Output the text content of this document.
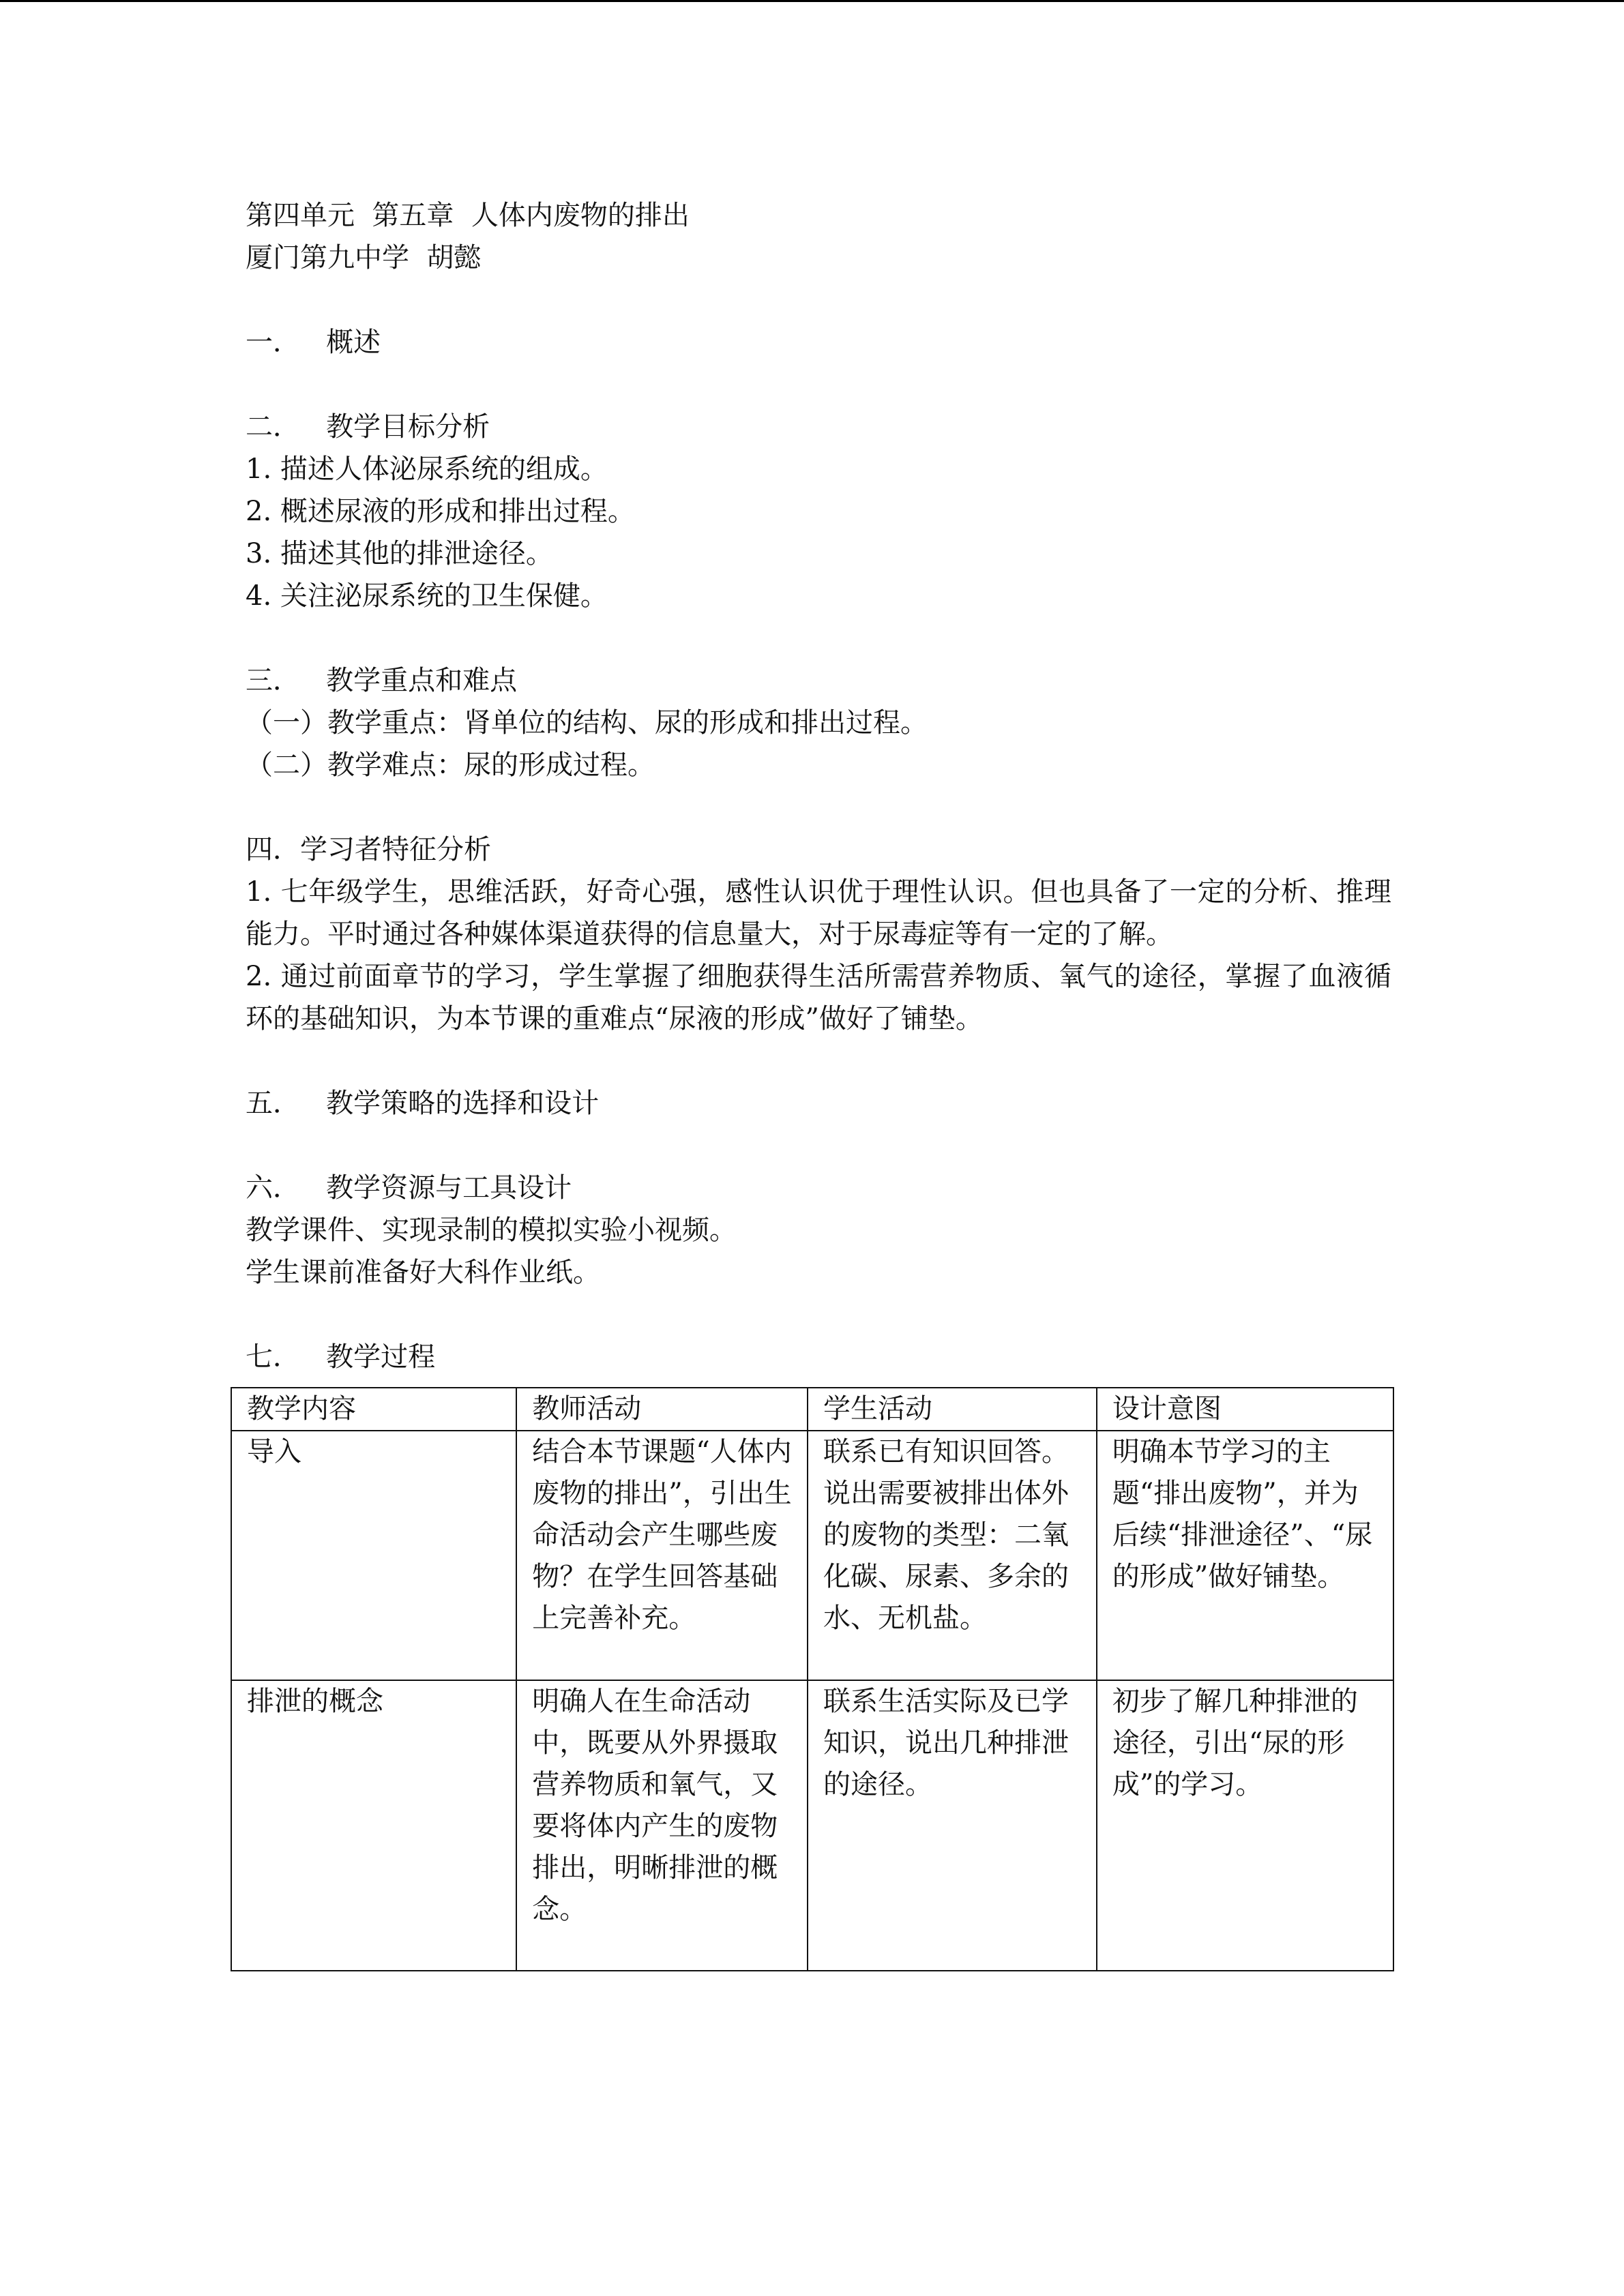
第四单元  第五章  人体内废物的排出
厦门第九中学  胡懿
一．   概述
二．   教学目标分析
1. 描述人体泌尿系统的组成。
2. 概述尿液的形成和排出过程。
3. 描述其他的排泄途径。
4. 关注泌尿系统的卫生保健。
三．   教学重点和难点
（一）教学重点：肾单位的结构、尿的形成和排出过程。
（二）教学难点：尿的形成过程。
四．学习者特征分析
1. 七年级学生，思维活跃，好奇心强，感性认识优于理性认识。但也具备了一定的分析、推理能力。平时通过各种媒体渠道获得的信息量大，对于尿毒症等有一定的了解。
2. 通过前面章节的学习，学生掌握了细胞获得生活所需营养物质、氧气的途径，掌握了血液循环的基础知识，为本节课的重难点“尿液的形成”做好了铺垫。
五．   教学策略的选择和设计
六．   教学资源与工具设计
教学课件、实现录制的模拟实验小视频。
学生课前准备好大科作业纸。
七．   教学过程
教学内容	教师活动	学生活动	设计意图
导入	结合本节课题“人体内废物的排出”，引出生命活动会产生哪些废物？在学生回答基础上完善补充。	联系已有知识回答。说出需要被排出体外的废物的类型：二氧化碳、尿素、多余的水、无机盐。	明确本节学习的主题“排出废物”，并为后续“排泄途径”、“尿的形成”做好铺垫。
排泄的概念	明确人在生命活动中，既要从外界摄取营养物质和氧气，又要将体内产生的废物排出，明晰排泄的概念。	联系生活实际及已学知识，说出几种排泄的途径。	初步了解几种排泄的途径，引出“尿的形成”的学习。
